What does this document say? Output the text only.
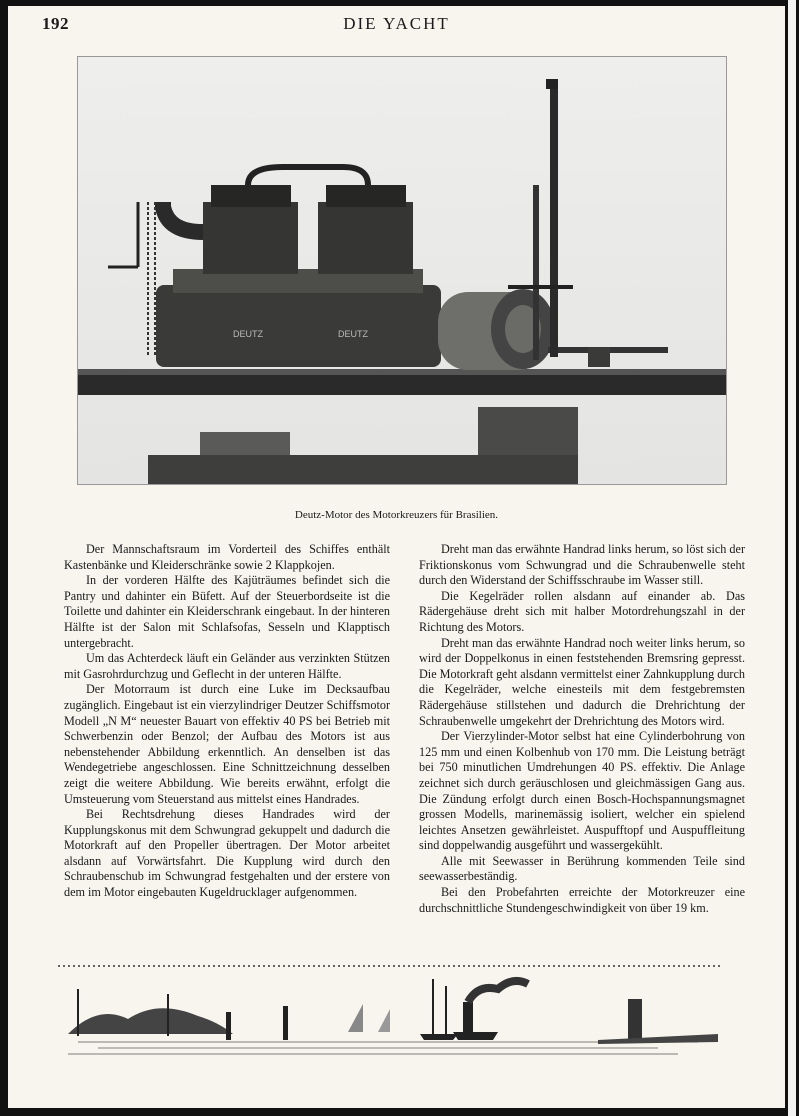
192	DIE YACHT
DEUTZ	DEUTZ
Deutz-Motor des Motorkreuzers für Brasilien.

Der Mannschaftsraum im Vorderteil des Schiffes enthält Kastenbänke und Kleiderschränke sowie 2 Klappkojen.

In der vorderen Hälfte des Kajüträumes befindet sich die Pantry und dahinter ein Büfett. Auf der Steuerbordseite ist die Toilette und dahinter ein Kleiderschrank eingebaut. In der hinteren Hälfte ist der Salon mit Schlafsofas, Sesseln und Klapptisch untergebracht.

Um das Achterdeck läuft ein Geländer aus verzinkten Stützen mit Gasrohrdurchzug und Geflecht in der unteren Hälfte.

Der Motorraum ist durch eine Luke im Decksaufbau zugänglich. Eingebaut ist ein vierzylindriger Deutzer Schiffsmotor Modell „N M“ neuester Bauart von effektiv 40 PS bei Betrieb mit Schwerbenzin oder Benzol; der Aufbau des Motors ist aus nebenstehender Abbildung erkenntlich. An denselben ist das Wendegetriebe angeschlossen. Eine Schnittzeichnung desselben zeigt die weitere Abbildung. Wie bereits erwähnt, erfolgt die Umsteuerung vom Steuerstand aus mittelst eines Handrades.

Bei Rechtsdrehung dieses Handrades wird der Kupplungskonus mit dem Schwungrad gekuppelt und dadurch die Motorkraft auf den Propeller übertragen. Der Motor arbeitet alsdann auf Vorwärtsfahrt. Die Kupplung wird durch den Schraubenschub im Schwungrad festgehalten und der erstere von dem im Motor eingebauten Kugeldrucklager aufgenommen.

Dreht man das erwähnte Handrad links herum, so löst sich der Friktionskonus vom Schwungrad und die Schraubenwelle steht durch den Widerstand der Schiffsschraube im Wasser still.

Die Kegelräder rollen alsdann auf einander ab. Das Rädergehäuse dreht sich mit halber Motordrehungszahl in der Richtung des Motors.

Dreht man das erwähnte Handrad noch weiter links herum, so wird der Doppelkonus in einen feststehenden Bremsring gepresst. Die Motorkraft geht alsdann vermittelst einer Zahnkupplung durch die Kegelräder, welche einesteils mit dem festgebremsten Rädergehäuse stillstehen und dadurch die Drehrichtung der Schraubenwelle umgekehrt der Drehrichtung des Motors wird.

Der Vierzylinder-Motor selbst hat eine Cylinderbohrung von 125 mm und einen Kolbenhub von 170 mm. Die Leistung beträgt bei 750 minutlichen Umdrehungen 40 PS. effektiv. Die Anlage zeichnet sich durch geräuschlosen und gleichmässigen Gang aus. Die Zündung erfolgt durch einen Bosch-Hochspannungsmagnet grossen Modells, marinemässig isoliert, welcher ein spielend leichtes Ansetzen gewährleistet. Auspufftopf und Auspuffleitung sind doppelwandig ausgeführt und wassergekühlt.

Alle mit Seewasser in Berührung kommenden Teile sind seewasserbeständig.

Bei den Probefahrten erreichte der Motorkreuzer eine durchschnittliche Stundengeschwindigkeit von über 19 km.
